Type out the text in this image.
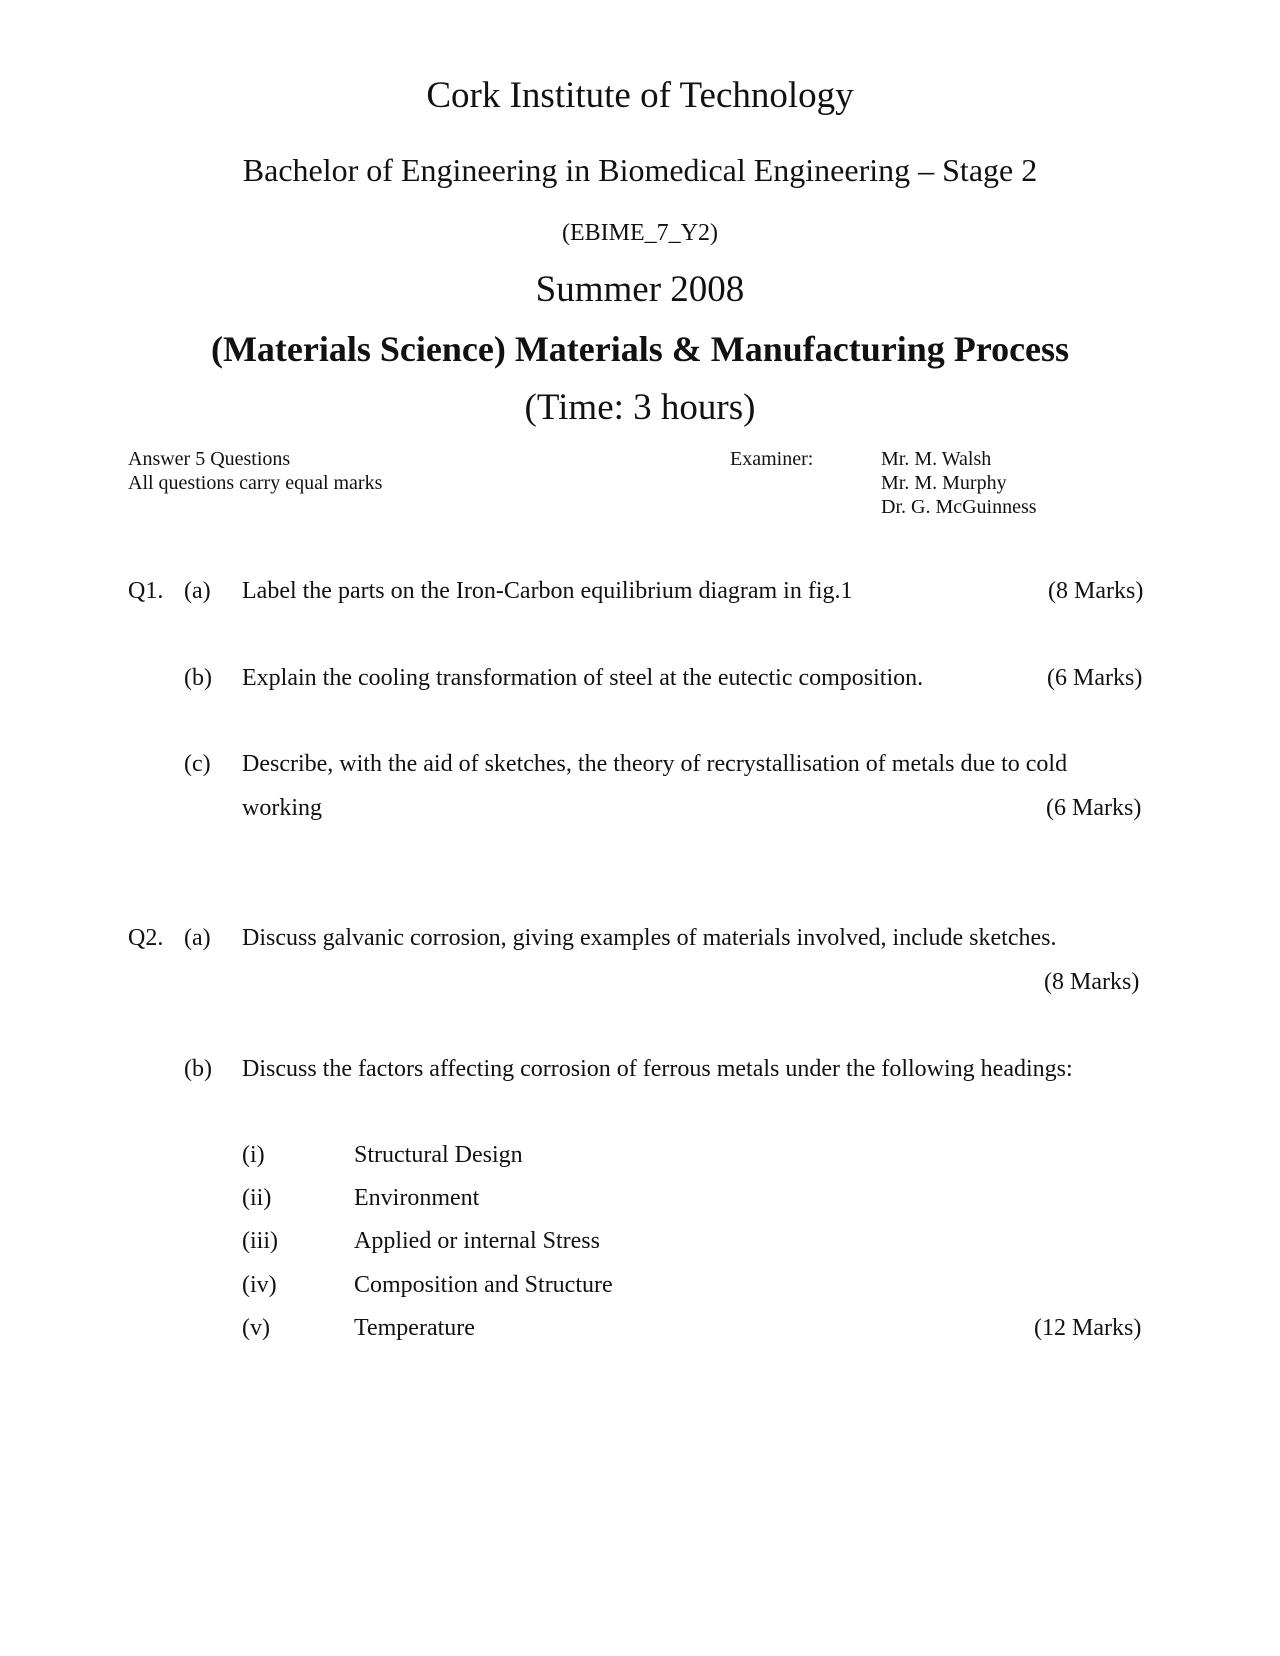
Cork Institute of Technology
Bachelor of Engineering in Biomedical Engineering – Stage 2
(EBIME_7_Y2)
Summer 2008
(Materials Science) Materials & Manufacturing Process
(Time: 3 hours)
Answer 5 Questions
All questions carry equal marks
Examiner:	Mr. M. Walsh
Mr. M. Murphy
Dr. G. McGuinness
Q1. (a) Label the parts on the Iron-Carbon equilibrium diagram in fig.1	(8 Marks)
(b) Explain the cooling transformation of steel at the eutectic composition.	(6 Marks)
(c) Describe, with the aid of sketches, the theory of recrystallisation of metals due to cold
working	(6 Marks)
Q2. (a) Discuss galvanic corrosion, giving examples of materials involved, include sketches.
(8 Marks)
(b) Discuss the factors affecting corrosion of ferrous metals under the following headings:
(i)	Structural Design
(ii)	Environment
(iii)	Applied or internal Stress
(iv)	Composition and Structure
(v)	Temperature	(12 Marks)
